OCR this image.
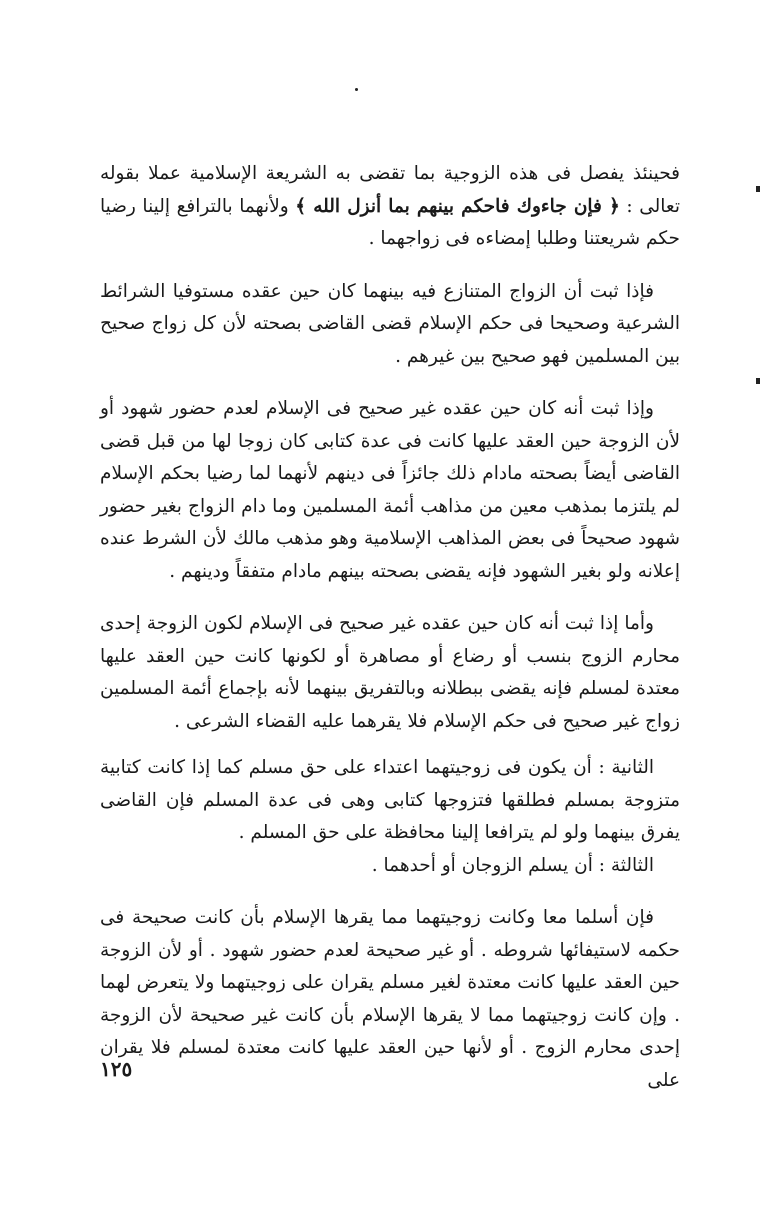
فحينئذ يفصل فى هذه الزوجية بما تقضى به الشريعة الإسلامية عملا بقوله تعالى : ﴿ فإن جاءوك فاحكم بينهم بما أنزل الله ﴾ ولأنهما بالترافع إلينا رضيا حكم شريعتنا وطلبا إمضاءه فى زواجهما .

فإذا ثبت أن الزواج المتنازع فيه بينهما كان حين عقده مستوفيا الشرائط الشرعية وصحيحا فى حكم الإسلام قضى القاضى بصحته لأن كل زواج صحيح بين المسلمين فهو صحيح بين غيرهم .

وإذا ثبت أنه كان حين عقده غير صحيح فى الإسلام لعدم حضور شهود أو لأن الزوجة حين العقد عليها كانت فى عدة كتابى كان زوجا لها من قبل قضى القاضى أيضاً بصحته مادام ذلك جائزاً فى دينهم لأنهما لما رضيا بحكم الإسلام لم يلتزما بمذهب معين من مذاهب أئمة المسلمين وما دام الزواج بغير حضور شهود صحيحاً فى بعض المذاهب الإسلامية وهو مذهب مالك لأن الشرط عنده إعلانه ولو بغير الشهود فإنه يقضى بصحته بينهم مادام متفقاً ودينهم .

وأما إذا ثبت أنه كان حين عقده غير صحيح فى الإسلام لكون الزوجة إحدى محارم الزوج بنسب أو رضاع أو مصاهرة أو لكونها كانت حين العقد عليها معتدة لمسلم فإنه يقضى ببطلانه وبالتفريق بينهما لأنه بإجماع أئمة المسلمين زواج غير صحيح فى حكم الإسلام فلا يقرهما عليه القضاء الشرعى .

الثانية : أن يكون فى زوجيتهما اعتداء على حق مسلم كما إذا كانت كتابية متزوجة بمسلم فطلقها فتزوجها كتابى وهى فى عدة المسلم فإن القاضى يفرق بينهما ولو لم يترافعا إلينا محافظة على حق المسلم .

الثالثة : أن يسلم الزوجان أو أحدهما .

فإن أسلما معا وكانت زوجيتهما مما يقرها الإسلام بأن كانت صحيحة فى حكمه لاستيفائها شروطه . أو غير صحيحة لعدم حضور شهود . أو لأن الزوجة حين العقد عليها كانت معتدة لغير مسلم يقران على زوجيتهما ولا يتعرض لهما . وإن كانت زوجيتهما مما لا يقرها الإسلام بأن كانت غير صحيحة لأن الزوجة إحدى محارم الزوج . أو لأنها حين العقد عليها كانت معتدة لمسلم فلا يقران على

١٢٥
